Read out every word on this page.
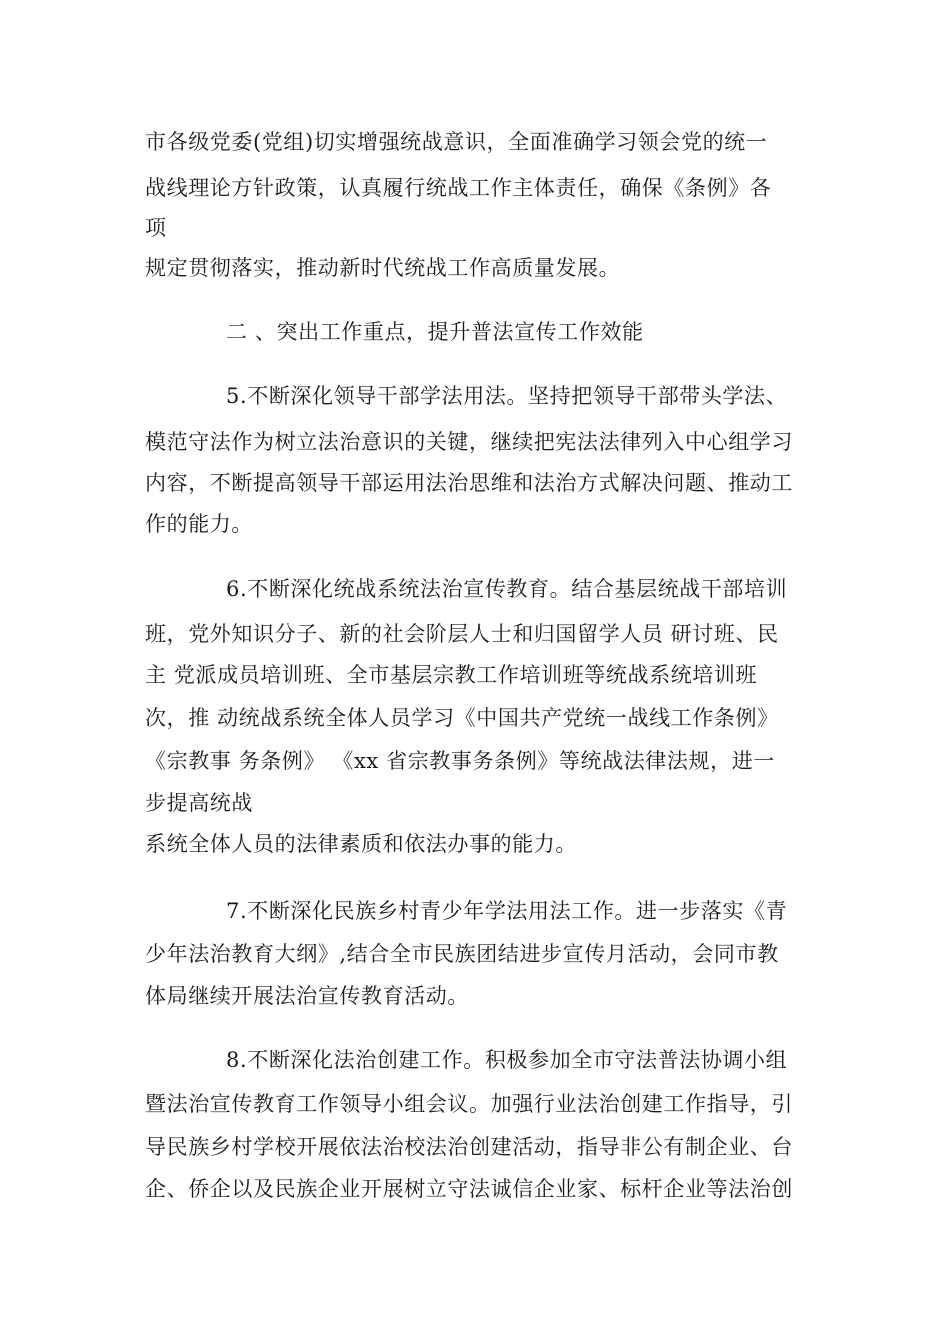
市各级党委(党组)切实增强统战意识，全面准确学习领会党的统一
战线理论方针政策，认真履行统战工作主体责任，确保《条例》各
项
规定贯彻落实，推动新时代统战工作高质量发展。
二 、突出工作重点，提升普法宣传工作效能
5.不断深化领导干部学法用法。坚持把领导干部带头学法、
模范守法作为树立法治意识的关键，继续把宪法法律列入中心组学习
内容，不断提高领导干部运用法治思维和法治方式解决问题、推动工
作的能力。
6.不断深化统战系统法治宣传教育。结合基层统战干部培训
班，党外知识分子、新的社会阶层人士和归国留学人员 研讨班、民
主 党派成员培训班、全市基层宗教工作培训班等统战系统培训班
次，推 动统战系统全体人员学习《中国共产党统一战线工作条例》
《宗教事 务条例》 《xx 省宗教事务条例》等统战法律法规，进一
步提高统战
系统全体人员的法律素质和依法办事的能力。
7.不断深化民族乡村青少年学法用法工作。进一步落实《青
少年法治教育大纲》,结合全市民族团结进步宣传月活动，会同市教
体局继续开展法治宣传教育活动。
8.不断深化法治创建工作。积极参加全市守法普法协调小组
暨法治宣传教育工作领导小组会议。加强行业法治创建工作指导，引
导民族乡村学校开展依法治校法治创建活动，指导非公有制企业、台
企、侨企以及民族企业开展树立守法诚信企业家、标杆企业等法治创
